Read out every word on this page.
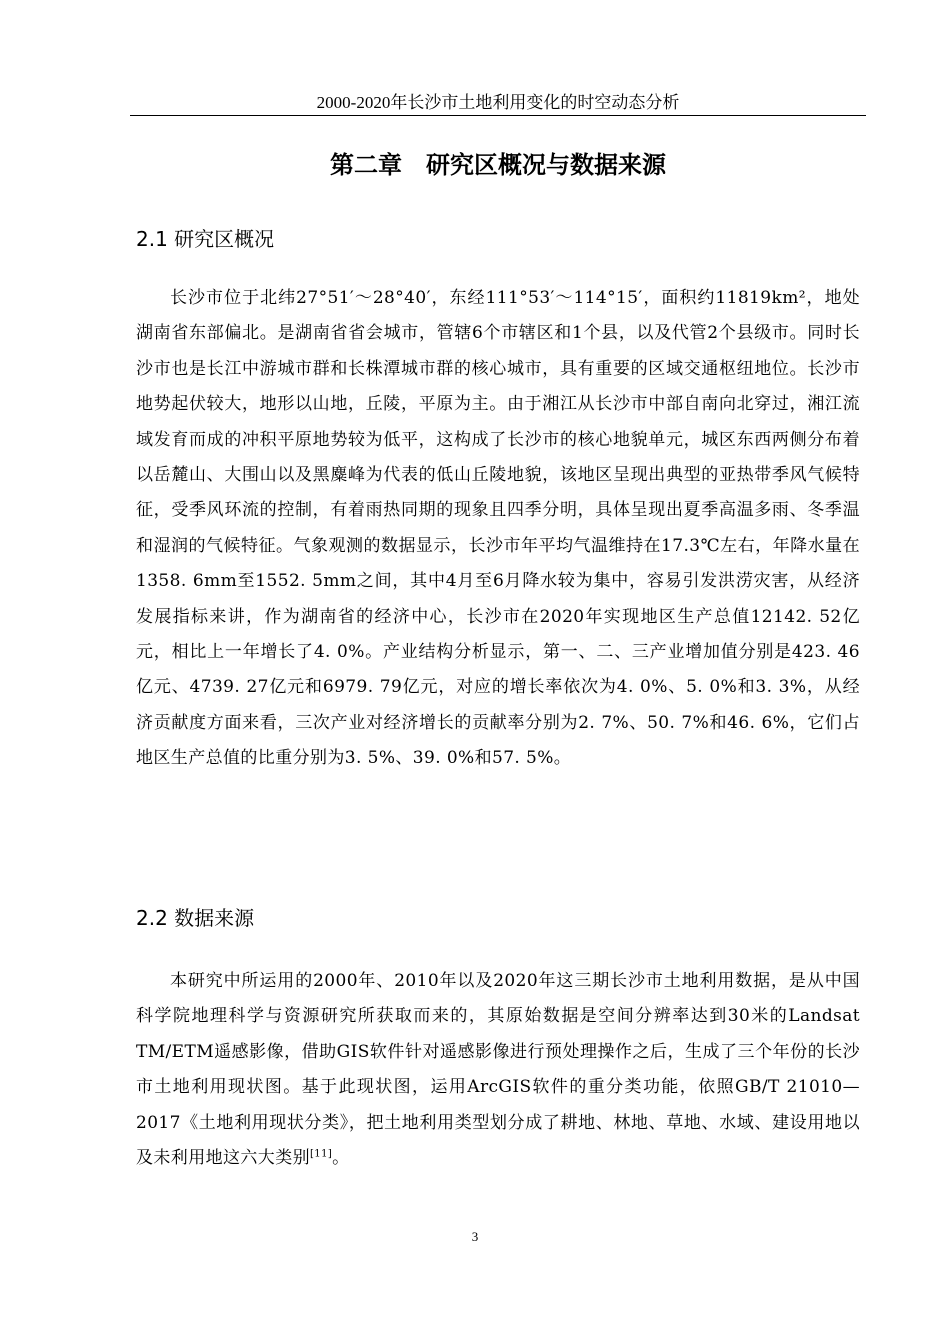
2000-2020年长沙市土地利用变化的时空动态分析
第二章　研究区概况与数据来源
2.1 研究区概况

长沙市位于北纬27°51′～28°40′，东经111°53′～114°15′，面积约11819km²，地处湖南省东部偏北。是湖南省省会城市，管辖6个市辖区和1个县，以及代管2个县级市。同时长沙市也是长江中游城市群和长株潭城市群的核心城市，具有重要的区域交通枢纽地位。长沙市地势起伏较大，地形以山地，丘陵，平原为主。由于湘江从长沙市中部自南向北穿过，湘江流域发育而成的冲积平原地势较为低平，这构成了长沙市的核心地貌单元，城区东西两侧分布着以岳麓山、大围山以及黑麋峰为代表的低山丘陵地貌，该地区呈现出典型的亚热带季风气候特征，受季风环流的控制，有着雨热同期的现象且四季分明，具体呈现出夏季高温多雨、冬季温和湿润的气候特征。气象观测的数据显示，长沙市年平均气温维持在17.3℃左右，年降水量在1358. 6mm至1552. 5mm之间，其中4月至6月降水较为集中，容易引发洪涝灾害，从经济发展指标来讲，作为湖南省的经济中心，长沙市在2020年实现地区生产总值12142. 52亿元，相比上一年增长了4. 0%。产业结构分析显示，第一、二、三产业增加值分别是423. 46亿元、4739. 27亿元和6979. 79亿元，对应的增长率依次为4. 0%、5. 0%和3. 3%，从经济贡献度方面来看，三次产业对经济增长的贡献率分别为2. 7%、50. 7%和46. 6%，它们占地区生产总值的比重分别为3. 5%、39. 0%和57. 5%。

2.2 数据来源

本研究中所运用的2000年、2010年以及2020年这三期长沙市土地利用数据，是从中国科学院地理科学与资源研究所获取而来的，其原始数据是空间分辨率达到30米的Landsat TM/ETM遥感影像，借助GIS软件针对遥感影像进行预处理操作之后，生成了三个年份的长沙市土地利用现状图。基于此现状图，运用ArcGIS软件的重分类功能，依照GB/T 21010—2017《土地利用现状分类》，把土地利用类型划分成了耕地、林地、草地、水域、建设用地以及未利用地这六大类别[11]。

3
